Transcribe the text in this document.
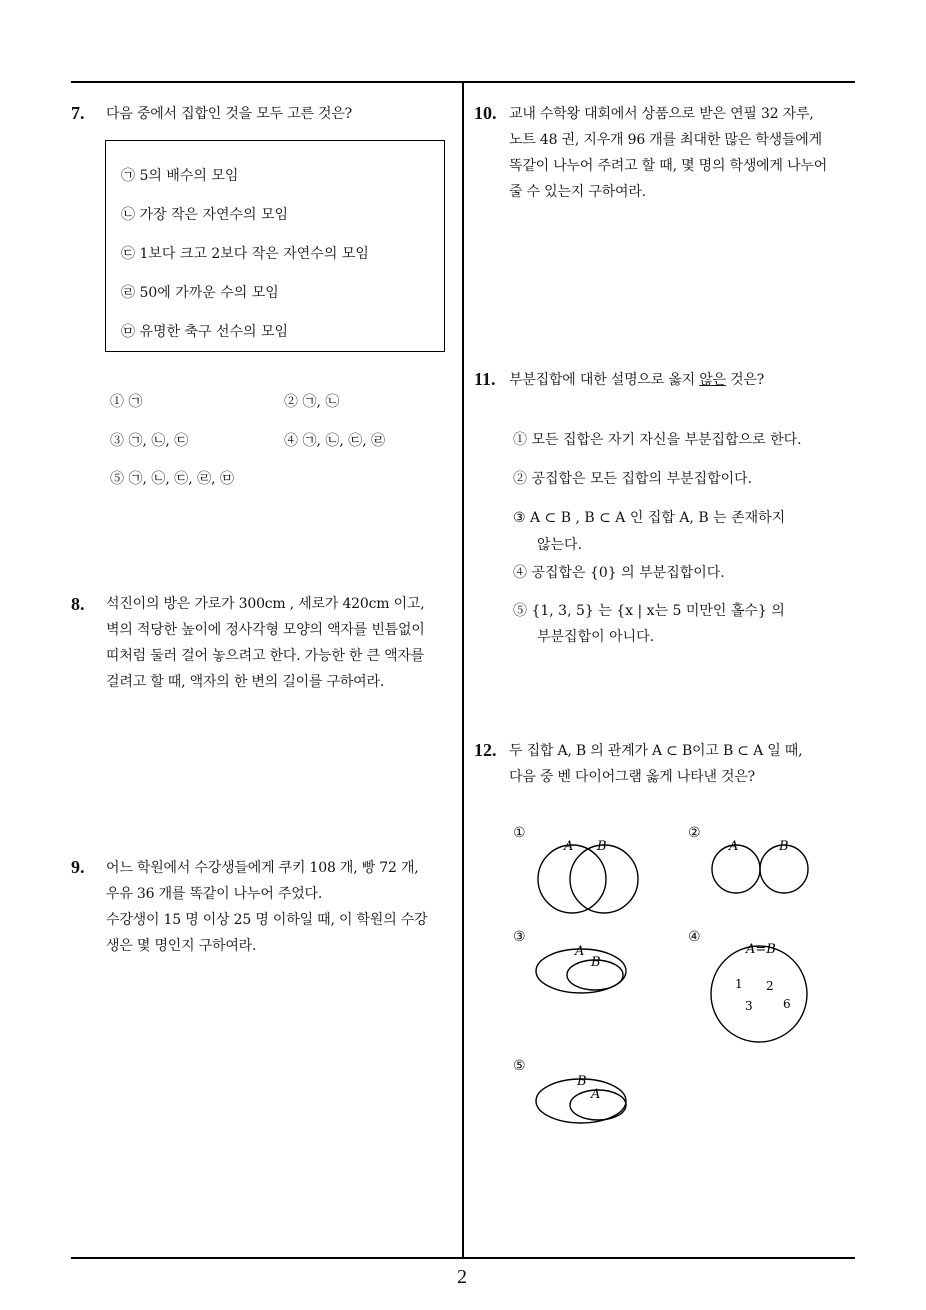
7. 다음 중에서 집합인 것을 모두 고른 것은?
㉠ 5의 배수의 모임
㉡ 가장 작은 자연수의 모임
㉢ 1보다 크고 2보다 작은 자연수의 모임
㉣ 50에 가까운 수의 모임
㉤ 유명한 축구 선수의 모임
① ㉠	② ㉠, ㉡
③ ㉠, ㉡, ㉢	④ ㉠, ㉡, ㉢, ㉣
⑤ ㉠, ㉡, ㉢, ㉣, ㉤
8. 석진이의 방은 가로가 300cm , 세로가 420cm 이고,
벽의 적당한 높이에 정사각형 모양의 액자를 빈틈없이
띠처럼 둘러 걸어 놓으려고 한다. 가능한 한 큰 액자를
걸려고 할 때, 액자의 한 변의 길이를 구하여라.
9. 어느 학원에서 수강생들에게 쿠키 108 개, 빵 72 개,
우유 36 개를 똑같이 나누어 주었다.
수강생이 15 명 이상 25 명 이하일 때, 이 학원의 수강
생은 몇 명인지 구하여라.
10. 교내 수학왕 대회에서 상품으로 받은 연필 32 자루,
노트 48 권, 지우개 96 개를 최대한 많은 학생들에게
똑같이 나누어 주려고 할 때, 몇 명의 학생에게 나누어
줄 수 있는지 구하여라.
11. 부분집합에 대한 설명으로 옳지 않은 것은?
① 모든 집합은 자기 자신을 부분집합으로 한다.
② 공집합은 모든 집합의 부분집합이다.
③ A ⊂ B , B ⊂ A 인 집합 A, B 는 존재하지
않는다.
④ 공집합은 {0} 의 부분집합이다.
⑤ {1, 3, 5} 는 {x | x는 5 미만인 홀수} 의
부분집합이 아니다.
12. 두 집합 A, B 의 관계가 A ⊂ B이고 B ⊂ A 일 때,
다음 중 벤 다이어그램 옳게 나타낸 것은?
①	②
③	④
⑤
A B	A	B
A
B
A=B
1 2
3	6
B
A
2
